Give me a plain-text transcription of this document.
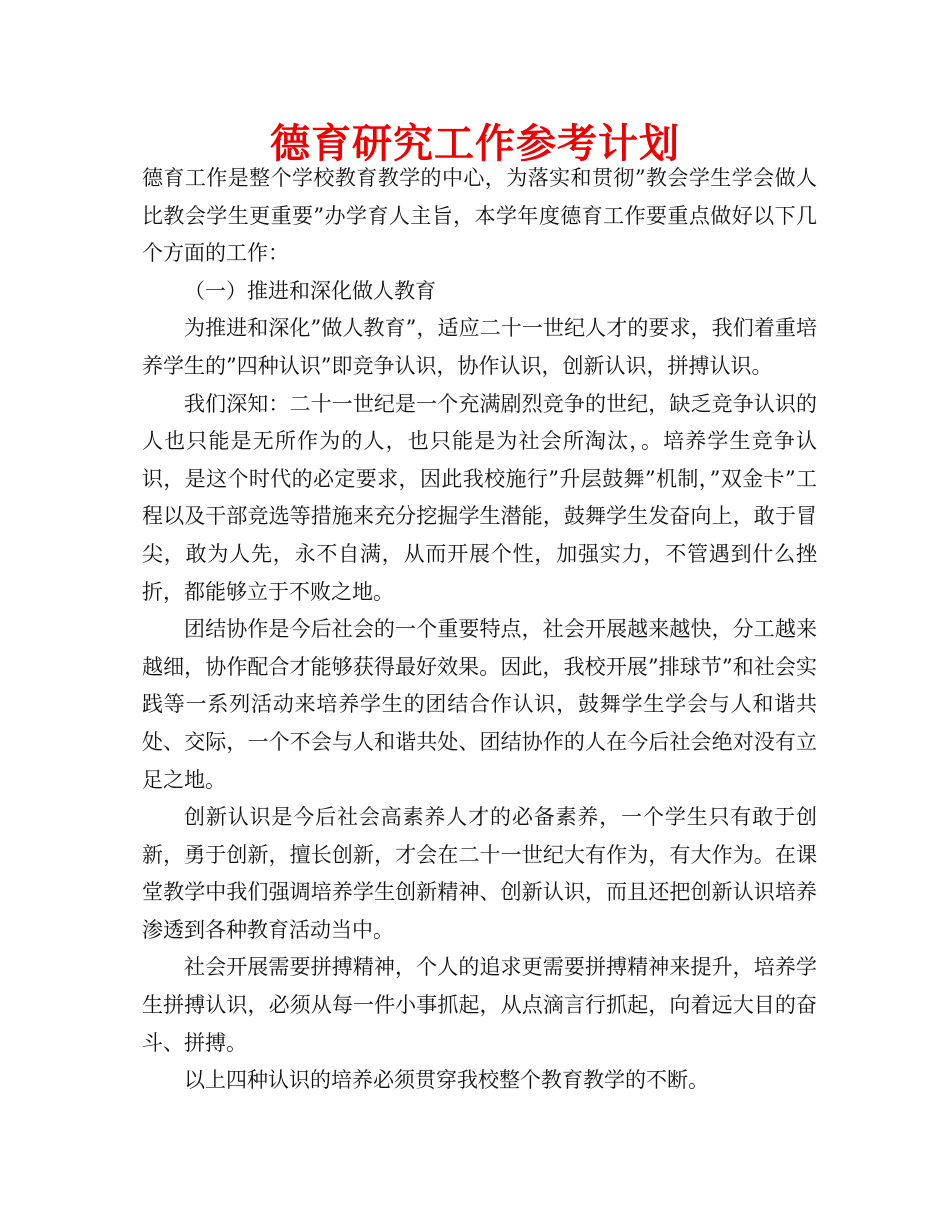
德育研究工作参考计划

德育工作是整个学校教育教学的中心，为落实和贯彻”教会学生学会做人比教会学生更重要”办学育人主旨，本学年度德育工作要重点做好以下几个方面的工作：

（一）推进和深化做人教育

为推进和深化”做人教育”，适应二十一世纪人才的要求，我们着重培养学生的”四种认识”即竞争认识，协作认识，创新认识，拼搏认识。

我们深知：二十一世纪是一个充满剧烈竞争的世纪，缺乏竞争认识的人也只能是无所作为的人，也只能是为社会所淘汰，。培养学生竞争认识，是这个时代的必定要求，因此我校施行”升层鼓舞”机制，”双金卡”工程以及干部竞选等措施来充分挖掘学生潜能，鼓舞学生发奋向上，敢于冒尖，敢为人先，永不自满，从而开展个性，加强实力，不管遇到什么挫折，都能够立于不败之地。

团结协作是今后社会的一个重要特点，社会开展越来越快，分工越来越细，协作配合才能够获得最好效果。因此，我校开展”排球节”和社会实践等一系列活动来培养学生的团结合作认识，鼓舞学生学会与人和谐共处、交际，一个不会与人和谐共处、团结协作的人在今后社会绝对没有立足之地。

创新认识是今后社会高素养人才的必备素养，一个学生只有敢于创新，勇于创新，擅长创新，才会在二十一世纪大有作为，有大作为。在课堂教学中我们强调培养学生创新精神、创新认识，而且还把创新认识培养渗透到各种教育活动当中。

社会开展需要拼搏精神，个人的追求更需要拼搏精神来提升，培养学生拼搏认识，必须从每一件小事抓起，从点滴言行抓起，向着远大目的奋斗、拼搏。

以上四种认识的培养必须贯穿我校整个教育教学的不断。
